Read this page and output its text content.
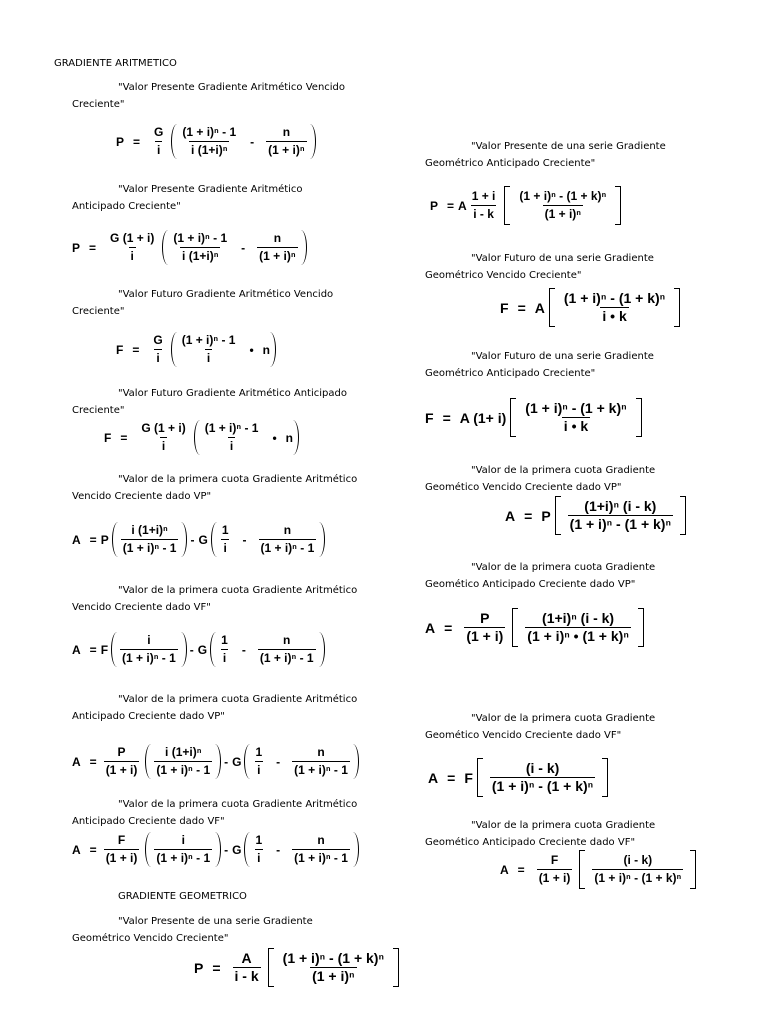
GRADIENTE ARITMETICO
"Valor Presente Gradiente Aritmético Vencido
Creciente"
$P = \frac{G}{i} \frac{\text{(1 + i)ⁿ - 1}}{\text{i (1+i)ⁿ}} - \frac{n}{\text{(1 + i)ⁿ}}$
"Valor Presente Gradiente Aritmético
Anticipado Creciente"
$P = \frac{G (1 + i)}{i} \frac{\text{(1 + i)ⁿ - 1}}{\text{i (1+i)ⁿ}} - \frac{n}{\text{(1 + i)ⁿ}}$
"Valor Futuro Gradiente Aritmético Vencido
Creciente"
$F = \frac{G}{i} \frac{\text{(1 + i)ⁿ - 1}}{i}$ • n
"Valor Futuro Gradiente Aritmético Anticipado
Creciente"
$F = \frac{G (1 + i)}{i} \frac{\text{(1 + i)ⁿ - 1}}{i}$ • n
"Valor de la primera cuota Gradiente Aritmético
Vencido Creciente dado VP"
A = P $\frac{\text{i (1+i)ⁿ}}{\text{(1 + i)ⁿ - 1}}$ - G $\frac{1}{i} - \frac{n}{\text{(1 + i)ⁿ - 1}}$
"Valor de la primera cuota Gradiente Aritmético
Vencido Creciente dado VF"
A = F $\frac{i}{\text{(1 + i)ⁿ - 1}}$ - G $\frac{1}{i} - \frac{n}{\text{(1 + i)ⁿ - 1}}$
"Valor de la primera cuota Gradiente Aritmético
Anticipado Creciente dado VP"
$A = \frac{P}{(1 + i)} \frac{\text{i (1+i)ⁿ}}{\text{(1 + i)ⁿ - 1}} - G \frac{1}{i} - \frac{n}{\text{(1 + i)ⁿ - 1}}$
"Valor de la primera cuota Gradiente Aritmético
Anticipado Creciente dado VF"
$A = \frac{F}{(1 + i)} \frac{i}{\text{(1 + i)ⁿ - 1}} - G \frac{1}{i} - \frac{n}{\text{(1 + i)ⁿ - 1}}$
GRADIENTE GEOMETRICO
"Valor Presente de una serie Gradiente
Geométrico Vencido Creciente"
$P = \frac{A}{i - k} \frac{\text{(1 + i)ⁿ - (1 + k)ⁿ}}{\text{(1 + i)ⁿ}}$
"Valor Presente de una serie Gradiente
Geométrico Anticipado Creciente"
P = A $\frac{1 + i}{i - k} \frac{\text{(1 + i)ⁿ - (1 + k)ⁿ}}{\text{(1 + i)ⁿ}}$
"Valor Futuro de una serie Gradiente
Geométrico Vencido Creciente"
F = A $\frac{\text{(1 + i)ⁿ - (1 + k)ⁿ}}{i • k}$
"Valor Futuro de una serie Gradiente
Geométrico Anticipado Creciente"
F = A $(1+ i) \frac{\text{(1 + i)ⁿ - (1 + k)ⁿ}}{i • k}$
"Valor de la primera cuota Gradiente
Geomético Vencido Creciente dado VP"
A = P $\frac{\text{(1+i)ⁿ (i - k)}}{\text{(1 + i)ⁿ - (1 + k)ⁿ}}$
"Valor de la primera cuota Gradiente
Geomético Anticipado Creciente dado VP"
$A = \frac{P}{(1 + i)} \frac{\text{(1+i)ⁿ (i - k)}}{\text{(1 + i)ⁿ • (1 + k)ⁿ}}$
"Valor de la primera cuota Gradiente
Geomético Vencido Creciente dado VF"
A = F $\frac{(i - k)}{\text{(1 + i)ⁿ - (1 + k)ⁿ}}$
"Valor de la primera cuota Gradiente
Geomético Anticipado Creciente dado VF"
$A = \frac{F}{(1 + i)} \frac{(i - k)}{\text{(1 + i)ⁿ - (1 + k)ⁿ}}$
